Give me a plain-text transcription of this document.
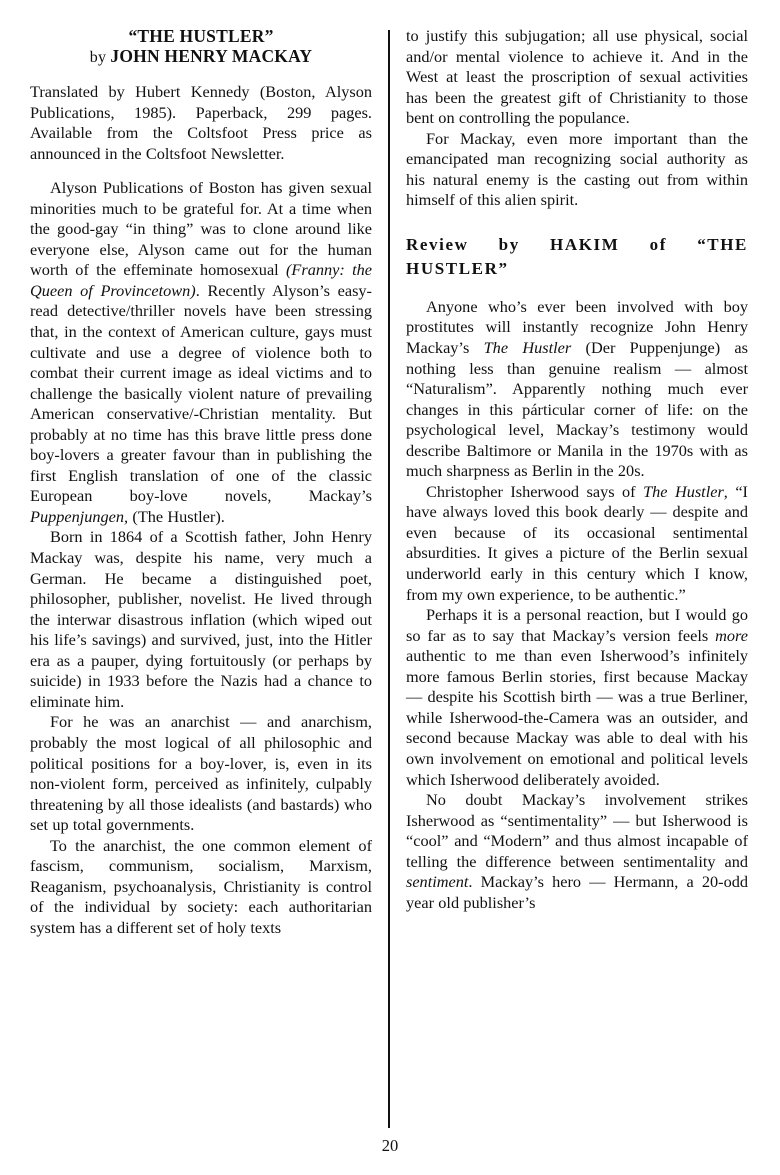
“THE HUSTLER”
by JOHN HENRY MACKAY

Translated by Hubert Kennedy (Boston, Alyson Publications, 1985). Paperback, 299 pages. Available from the Coltsfoot Press price as announced in the Coltsfoot Newsletter.

Alyson Publications of Boston has given sexual minorities much to be grateful for. At a time when the good-gay “in thing” was to clone around like everyone else, Alyson came out for the human worth of the effeminate homosexual (Franny: the Queen of Provincetown). Recently Alyson’s easy-read detective/thriller novels have been stressing that, in the context of American culture, gays must cultivate and use a degree of violence both to combat their current image as ideal victims and to challenge the basically violent nature of prevailing American conservative/-Christian mentality. But probably at no time has this brave little press done boy-lovers a greater favour than in publishing the first English translation of one of the classic European boy-love novels, Mackay’s Puppenjungen, (The Hustler).

Born in 1864 of a Scottish father, John Henry Mackay was, despite his name, very much a German. He became a distinguished poet, philosopher, publisher, novelist. He lived through the interwar disastrous inflation (which wiped out his life’s savings) and survived, just, into the Hitler era as a pauper, dying fortuitously (or perhaps by suicide) in 1933 before the Nazis had a chance to eliminate him.

For he was an anarchist — and anarchism, probably the most logical of all philosophic and political positions for a boy-lover, is, even in its non-violent form, perceived as infinitely, culpably threatening by all those idealists (and bastards) who set up total governments.

To the anarchist, the one common element of fascism, communism, socialism, Marxism, Reaganism, psychoanalysis, Christianity is control of the individual by society: each authoritarian system has a different set of holy texts

to justify this subjugation; all use physical, social and/or mental violence to achieve it. And in the West at least the proscription of sexual activities has been the greatest gift of Christianity to those bent on controlling the populance.

For Mackay, even more important than the emancipated man recognizing social authority as his natural enemy is the casting out from within himself of this alien spirit.

Review by HAKIM of “THE
HUSTLER”

Anyone who’s ever been involved with boy prostitutes will instantly recognize John Henry Mackay’s The Hustler (Der Puppenjunge) as nothing less than genuine realism — almost “Naturalism”. Apparently nothing much ever changes in this párticular corner of life: on the psychological level, Mackay’s testimony would describe Baltimore or Manila in the 1970s with as much sharpness as Berlin in the 20s.

Christopher Isherwood says of The Hustler, “I have always loved this book dearly — despite and even because of its occasional sentimental absurdities. It gives a picture of the Berlin sexual underworld early in this century which I know, from my own experience, to be authentic.”

Perhaps it is a personal reaction, but I would go so far as to say that Mackay’s version feels more authentic to me than even Isherwood’s infinitely more famous Berlin stories, first because Mackay — despite his Scottish birth — was a true Berliner, while Isherwood-the-Camera was an outsider, and second because Mackay was able to deal with his own involvement on emotional and political levels which Isherwood deliberately avoided.

No doubt Mackay’s involvement strikes Isherwood as “sentimentality” — but Isherwood is “cool” and “Modern” and thus almost incapable of telling the difference between sentimentality and sentiment. Mackay’s hero — Hermann, a 20-odd year old publisher’s

20
